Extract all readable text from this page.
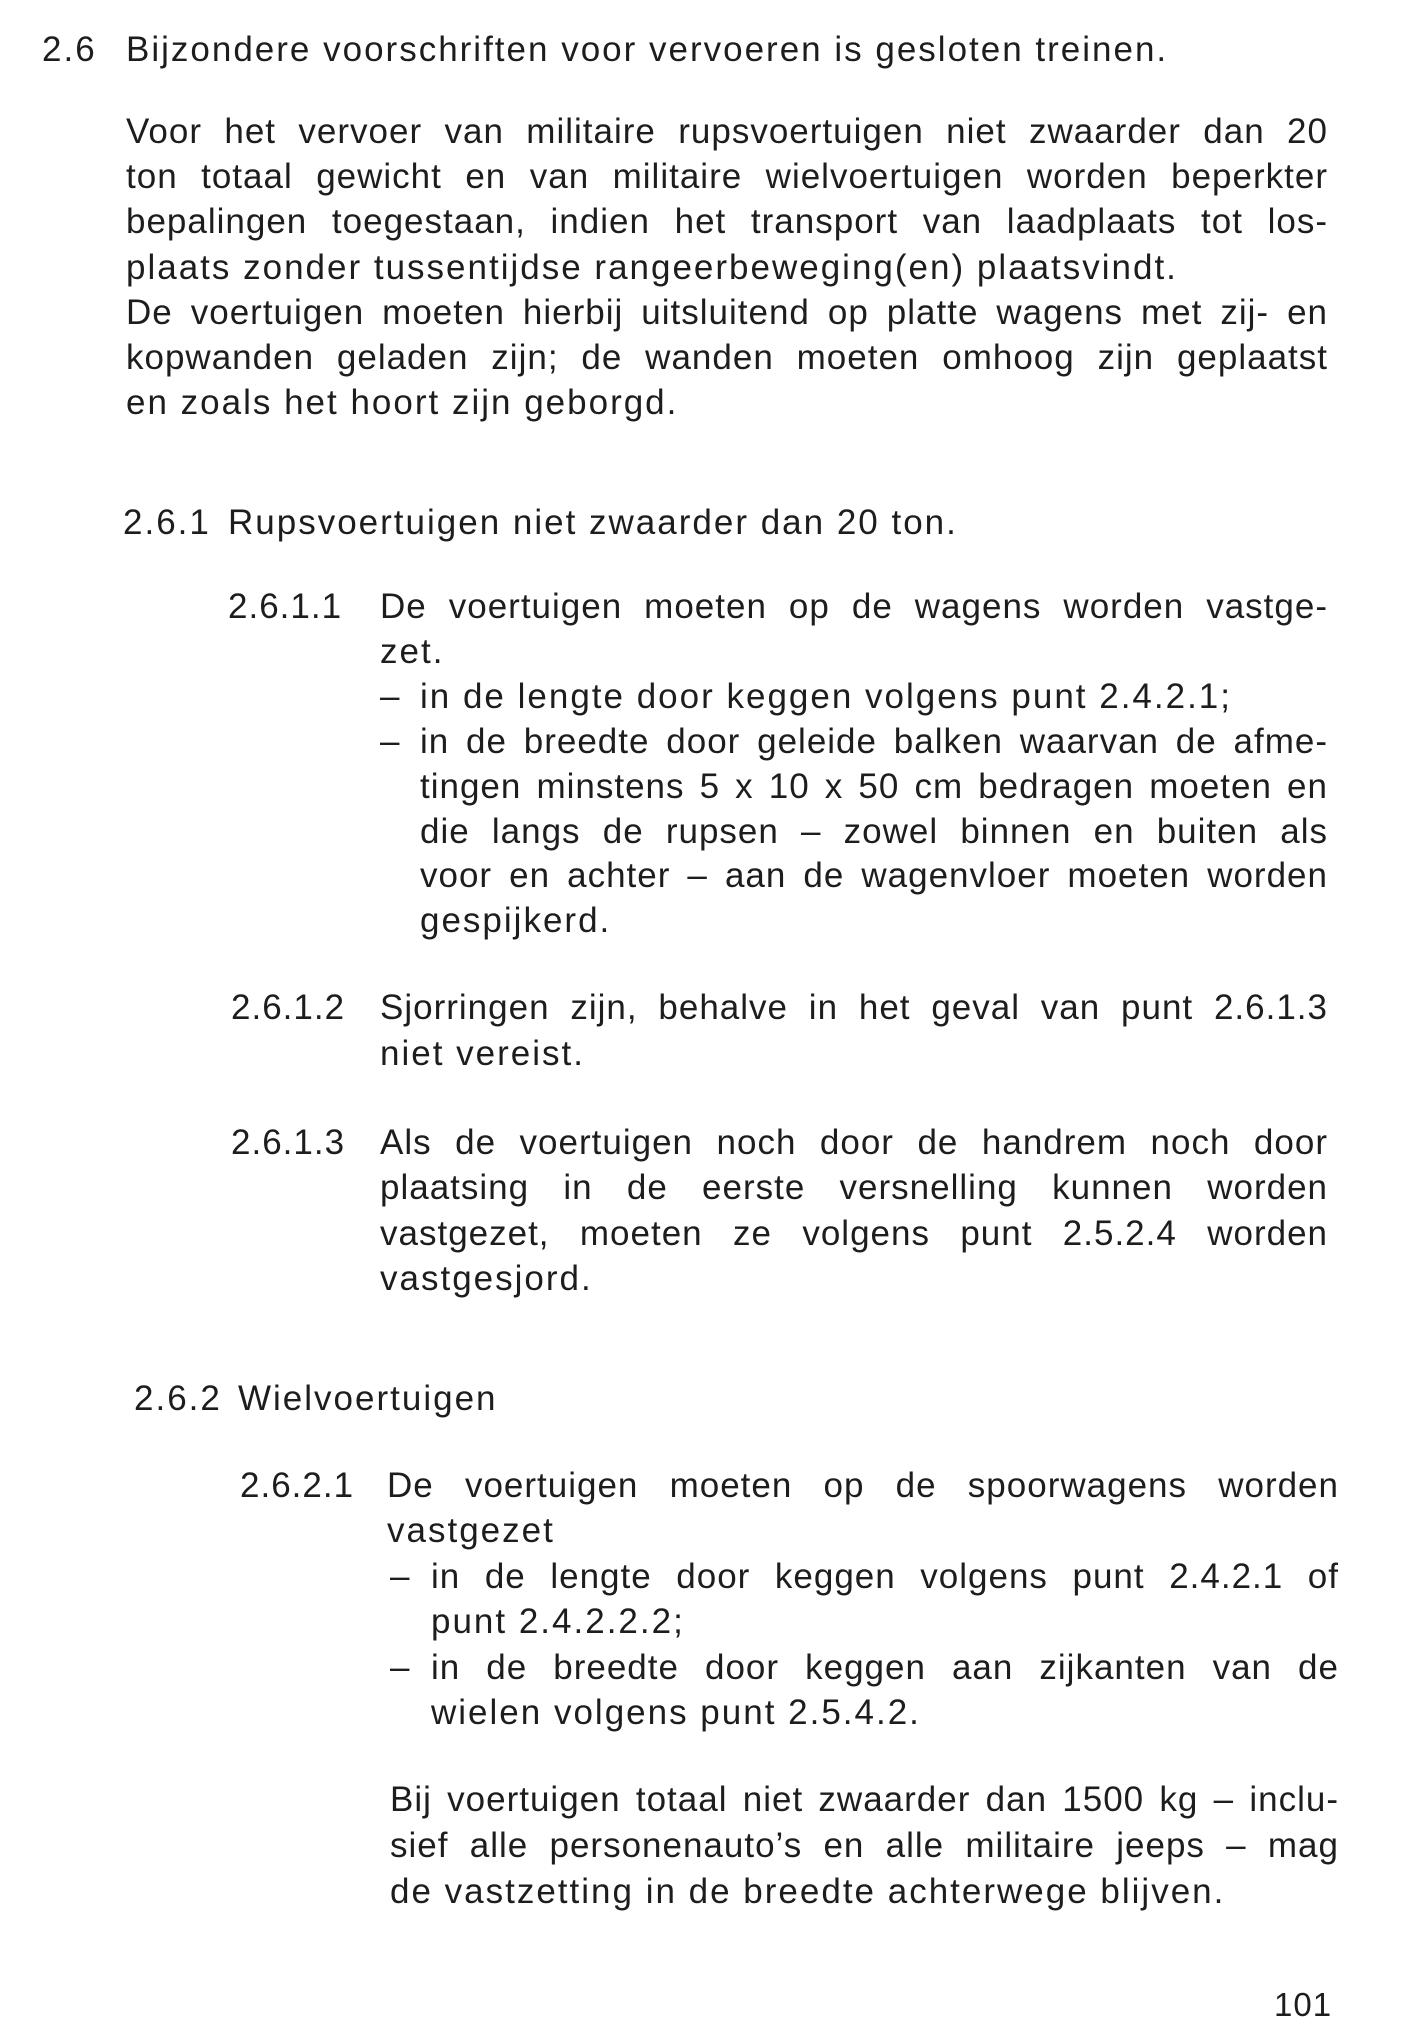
2.6 Bijzondere voorschriften voor vervoeren is gesloten treinen.
Voor het vervoer van militaire rupsvoertuigen niet zwaarder dan 20
ton totaal gewicht en van militaire wielvoertuigen worden beperkter
bepalingen toegestaan, indien het transport van laadplaats tot los-
plaats zonder tussentijdse rangeerbeweging(en) plaatsvindt.
De voertuigen moeten hierbij uitsluitend op platte wagens met zij- en
kopwanden geladen zijn; de wanden moeten omhoog zijn geplaatst
en zoals het hoort zijn geborgd.
2.6.1 Rupsvoertuigen niet zwaarder dan 20 ton.
2.6.1.1 De voertuigen moeten op de wagens worden vastge-
zet.
– in de lengte door keggen volgens punt 2.4.2.1;
– in de breedte door geleide balken waarvan de afme-
tingen minstens 5 x 10 x 50 cm bedragen moeten en
die langs de rupsen – zowel binnen en buiten als
voor en achter – aan de wagenvloer moeten worden
gespijkerd.
2.6.1.2 Sjorringen zijn, behalve in het geval van punt 2.6.1.3
niet vereist.
2.6.1.3 Als de voertuigen noch door de handrem noch door
plaatsing in de eerste versnelling kunnen worden
vastgezet, moeten ze volgens punt 2.5.2.4 worden
vastgesjord.
2.6.2 Wielvoertuigen
2.6.2.1 De voertuigen moeten op de spoorwagens worden
vastgezet
– in de lengte door keggen volgens punt 2.4.2.1 of
punt 2.4.2.2.2;
– in de breedte door keggen aan zijkanten van de
wielen volgens punt 2.5.4.2.
Bij voertuigen totaal niet zwaarder dan 1500 kg – inclu-
sief alle personenauto’s en alle militaire jeeps – mag
de vastzetting in de breedte achterwege blijven.
101
